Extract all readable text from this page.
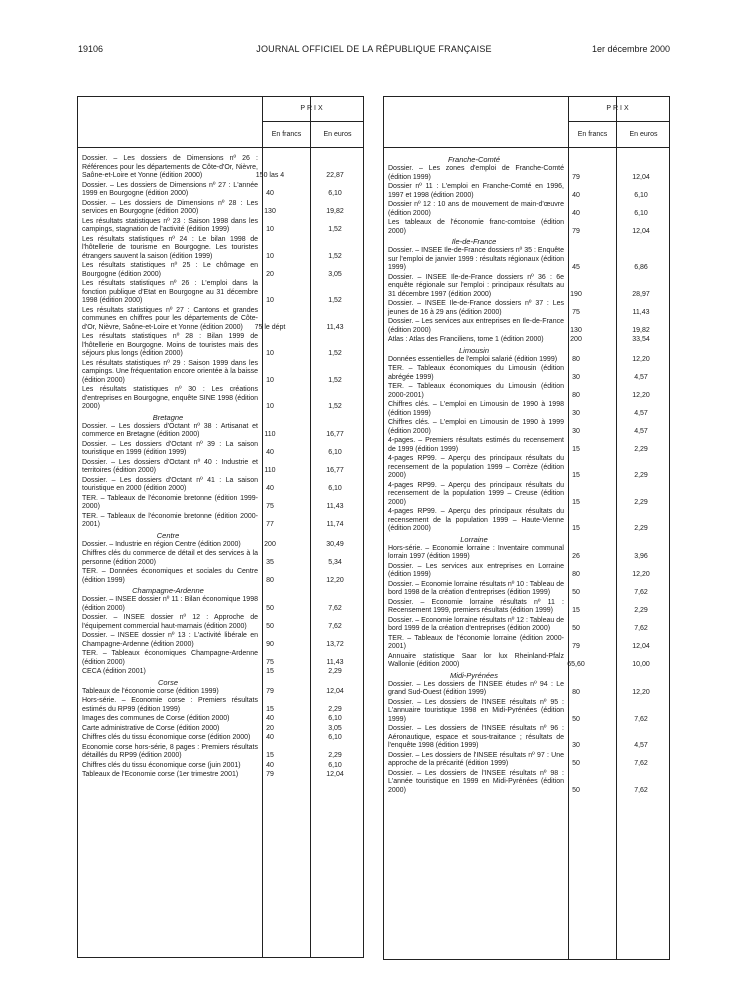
19106	JOURNAL OFFICIEL DE LA RÉPUBLIQUE FRANÇAISE	1er décembre 2000
PRIX
En francs	En euros
Dossier. – Les dossiers de Dimensions nº 26 : Références pour les départements de Côte-d'Or, Nièvre, Saône-et-Loire et Yonne (édition 2000)	150 las 4	22,87
Dossier. – Les dossiers de Dimensions nº 27 : L'année 1999 en Bourgogne (édition 2000)	40	6,10
Dossier. – Les dossiers de Dimensions nº 28 : Les services en Bourgogne (édition 2000)	130	19,82
Les résultats statistiques nº 23 : Saison 1998 dans les campings, stagnation de l'activité (édition 1999)	10	1,52
Les résultats statistiques nº 24 : Le bilan 1998 de l'hôtellerie de tourisme en Bourgogne. Les touristes étrangers sauvent la saison (édition 1999)	10	1,52
Les résultats statistiques nº 25 : Le chômage en Bourgogne (édition 2000)	20	3,05
Les résultats statistiques nº 26 : L'emploi dans la fonction publique d'Etat en Bourgogne au 31 décembre 1998 (édition 2000)	10	1,52
Les résultats statistiques nº 27 : Cantons et grandes communes en chiffres pour les départements de Côte-d'Or, Nièvre, Saône-et-Loire et Yonne (édition 2000)	75 le dépt	11,43
Les résultats statistiques nº 28 : Bilan 1999 de l'hôtellerie en Bourgogne. Moins de touristes mais des séjours plus longs (édition 2000)	10	1,52
Les résultats statistiques nº 29 : Saison 1999 dans les campings. Une fréquentation encore orientée à la baisse (édition 2000)	10	1,52
Les résultats statistiques nº 30 : Les créations d'entreprises en Bourgogne, enquête SINE 1998 (édition 2000)	10	1,52
Bretagne
Dossier. – Les dossiers d'Octant nº 38 : Artisanat et commerce en Bretagne (édition 2000)	110	16,77
Dossier. – Les dossiers d'Octant nº 39 : La saison touristique en 1999 (édition 1999)	40	6,10
Dossier. – Les dossiers d'Octant nº 40 : Industrie et territoires (édition 2000)	110	16,77
Dossier. – Les dossiers d'Octant nº 41 : La saison touristique en 2000 (édition 2000)	40	6,10
TER. – Tableaux de l'économie bretonne (édition 1999-2000)	75	11,43
TER. – Tableaux de l'économie bretonne (édition 2000-2001)	77	11,74
Centre
Dossier. – Industrie en région Centre (édition 2000)	200	30,49
Chiffres clés du commerce de détail et des services à la personne (édition 2000)	35	5,34
TER. – Données économiques et sociales du Centre (édition 1999)	80	12,20
Champagne-Ardenne
Dossier. – INSEE dossier nº 11 : Bilan économique 1998 (édition 2000)	50	7,62
Dossier. – INSEE dossier nº 12 : Approche de l'équipement commercial haut-marnais (édition 2000)	50	7,62
Dossier. – INSEE dossier nº 13 : L'activité libérale en Champagne-Ardenne (édition 2000)	90	13,72
TER. – Tableaux économiques Champagne-Ardenne (édition 2000)	75	11,43
CECA (édition 2001)	15	2,29
Corse
Tableaux de l'économie corse (édition 1999)	79	12,04
Hors-série. – Economie corse : Premiers résultats estimés du RP99 (édition 1999)	15	2,29
Images des communes de Corse (édition 2000)	40	6,10
Carte administrative de Corse (édition 2000)	20	3,05
Chiffres clés du tissu économique corse (édition 2000)	40	6,10
Economie corse hors-série, 8 pages : Premiers résultats détaillés du RP99 (édition 2000)	15	2,29
Chiffres clés du tissu économique corse (juin 2001)	40	6,10
Tableaux de l'Economie corse (1er trimestre 2001)	79	12,04
PRIX
En francs	En euros
Franche-Comté
Dossier. – Les zones d'emploi de Franche-Comté (édition 1999)	79	12,04
Dossier nº 11 : L'emploi en Franche-Comté en 1996, 1997 et 1998 (édition 2000)	40	6,10
Dossier nº 12 : 10 ans de mouvement de main-d'œuvre (édition 2000)	40	6,10
Les tableaux de l'économie franc-comtoise (édition 2000)	79	12,04
Ile-de-France
Dossier. – INSEE Ile-de-France dossiers nº 35 : Enquête sur l'emploi de janvier 1999 : résultats régionaux (édition 1999)	45	6,86
Dossier. – INSEE Ile-de-France dossiers nº 36 : 6e enquête régionale sur l'emploi : principaux résultats au 31 décembre 1997 (édition 2000)	190	28,97
Dossier. – INSEE Ile-de-France dossiers nº 37 : Les jeunes de 16 à 29 ans (édition 2000)	75	11,43
Dossier. – Les services aux entreprises en Ile-de-France (édition 2000)	130	19,82
Atlas : Atlas des Franciliens, tome 1 (édition 2000)	200	33,54
Limousin
Données essentielles de l'emploi salarié (édition 1999)	80	12,20
TER. – Tableaux économiques du Limousin (édition abrégée 1999)	30	4,57
TER. – Tableaux économiques du Limousin (édition 2000-2001)	80	12,20
Chiffres clés. – L'emploi en Limousin de 1990 à 1998 (édition 1999)	30	4,57
Chiffres clés. – L'emploi en Limousin de 1990 à 1999 (édition 2000)	30	4,57
4-pages. – Premiers résultats estimés du recensement de 1999 (édition 1999)	15	2,29
4-pages RP99. – Aperçu des principaux résultats du recensement de la population 1999 – Corrèze (édition 2000)	15	2,29
4-pages RP99. – Aperçu des principaux résultats du recensement de la population 1999 – Creuse (édition 2000)	15	2,29
4-pages RP99. – Aperçu des principaux résultats du recensement de la population 1999 – Haute-Vienne (édition 2000)	15	2,29
Lorraine
Hors-série. – Economie lorraine : Inventaire communal lorrain 1997 (édition 1999)	26	3,96
Dossier. – Les services aux entreprises en Lorraine (édition 1999)	80	12,20
Dossier. – Economie lorraine résultats nº 10 : Tableau de bord 1998 de la création d'entreprises (édition 1999)	50	7,62
Dossier. – Economie lorraine résultats nº 11 : Recensement 1999, premiers résultats (édition 1999)	15	2,29
Dossier. – Economie lorraine résultats nº 12 : Tableau de bord 1999 de la création d'entreprises (édition 2000)	50	7,62
TER. – Tableaux de l'économie lorraine (édition 2000-2001)	79	12,04
Annuaire statistique Saar lor lux Rheinland-Pfalz Wallonie (édition 2000)	65,60	10,00
Midi-Pyrénées
Dossier. – Les dossiers de l'INSEE études nº 94 : Le grand Sud-Ouest (édition 1999)	80	12,20
Dossier. – Les dossiers de l'INSEE résultats nº 95 : L'annuaire touristique 1998 en Midi-Pyrénées (édition 1999)	50	7,62
Dossier. – Les dossiers de l'INSEE résultats nº 96 : Aéronautique, espace et sous-traitance ; résultats de l'enquête 1998 (édition 1999)	30	4,57
Dossier. – Les dossiers de l'INSEE résultats nº 97 : Une approche de la précarité (édition 1999)	50	7,62
Dossier. – Les dossiers de l'INSEE résultats nº 98 : L'année touristique en 1999 en Midi-Pyrénées (édition 2000)	50	7,62
